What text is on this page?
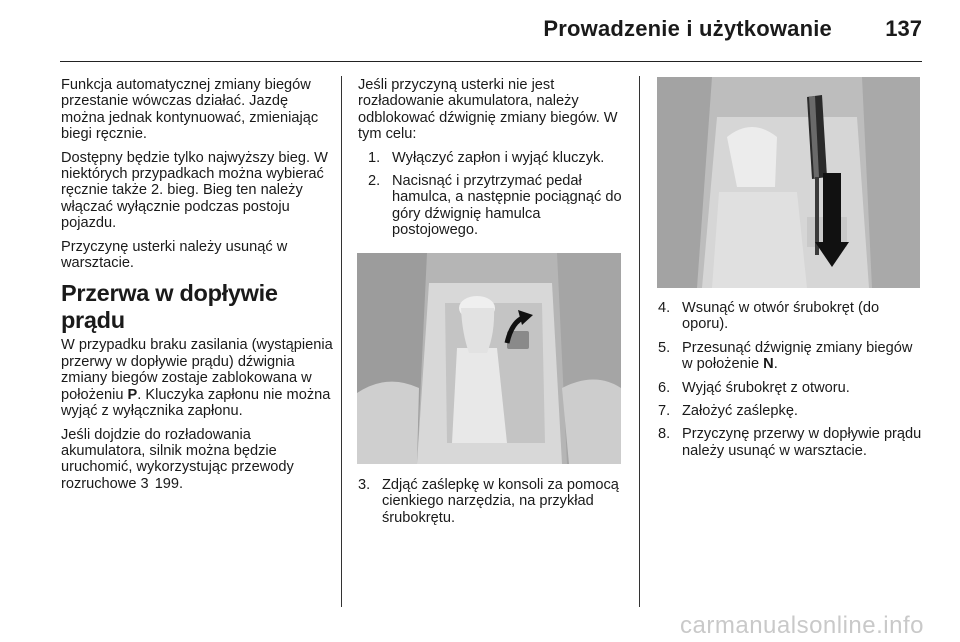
Prowadzenie i użytkowanie 137

Funkcja automatycznej zmiany biegów przestanie wówczas działać. Jazdę można jednak kontynuować, zmieniając biegi ręcznie.

Dostępny będzie tylko najwyższy bieg. W niektórych przypadkach można wybierać ręcznie także 2. bieg. Bieg ten należy włączać wyłącznie podczas postoju pojazdu.

Przyczynę usterki należy usunąć w warsztacie.

Przerwa w dopływie prądu

W przypadku braku zasilania (wystąpienia przerwy w dopływie prądu) dźwignia zmiany biegów zostaje zablokowana w położeniu P. Kluczyka zapłonu nie można wyjąć z wyłącznika zapłonu.

Jeśli dojdzie do rozładowania akumulatora, silnik można będzie uruchomić, wykorzystując przewody rozruchowe 3 199.

Jeśli przyczyną usterki nie jest rozładowanie akumulatora, należy odblokować dźwignię zmiany biegów. W tym celu:

1. Wyłączyć zapłon i wyjąć kluczyk.
2. Nacisnąć i przytrzymać pedał hamulca, a następnie pociągnąć do góry dźwignię hamulca postojowego.
3. Zdjąć zaślepkę w konsoli za pomocą cienkiego narzędzia, na przykład śrubokrętu.
4. Wsunąć w otwór śrubokręt (do oporu).
5. Przesunąć dźwignię zmiany biegów w położenie N.
6. Wyjąć śrubokręt z otworu.
7. Założyć zaślepkę.
8. Przyczynę przerwy w dopływie prądu należy usunąć w warsztacie.
carmanualsonline.info
